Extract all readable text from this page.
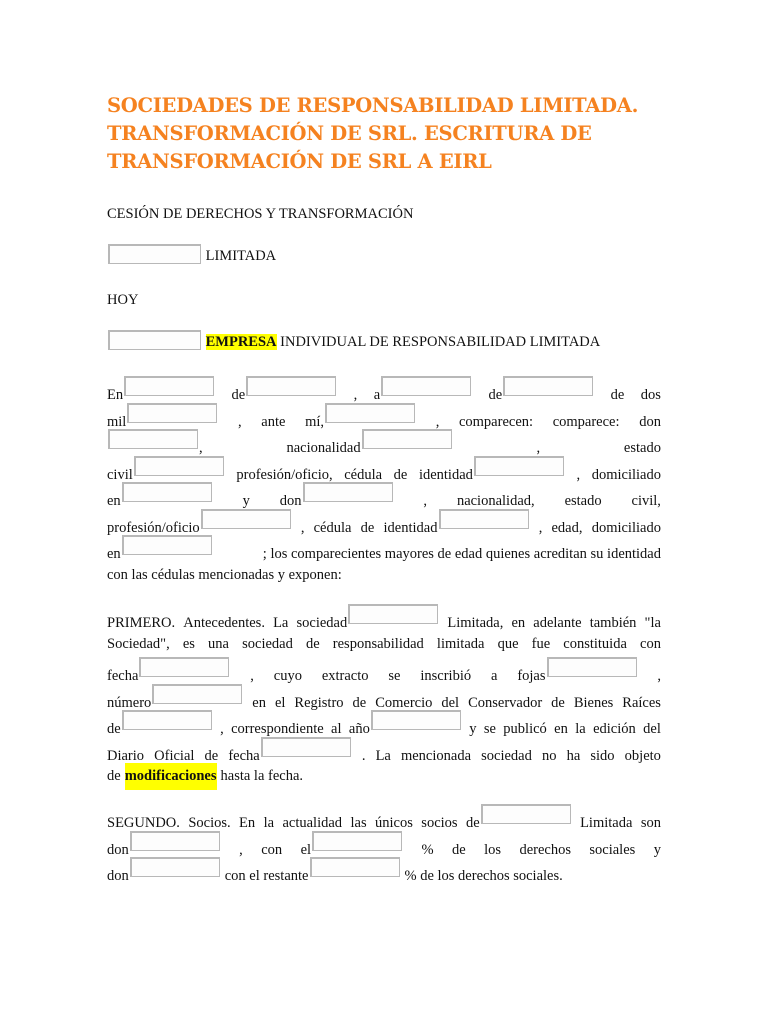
SOCIEDADES DE RESPONSABILIDAD LIMITADA.
TRANSFORMACIÓN DE SRL. ESCRITURA DE
TRANSFORMACIÓN DE SRL A EIRL
CESIÓN DE DERECHOS Y TRANSFORMACIÓN
LIMITADA
HOY
EMPRESA INDIVIDUAL DE RESPONSABILIDAD LIMITADA
En	de	, a	de	de dos
mil	, ante mí,	, comparecen: comparece: don
,	nacionalidad	,	estado
civil	profesión/oficio, cédula de identidad	, domiciliado
en	y don	, nacionalidad, estado civil,
profesión/oficio	, cédula de identidad	, edad, domiciliado
en	; los comparecientes mayores de edad quienes acreditan su identidad
con las cédulas mencionadas y exponen:
PRIMERO. Antecedentes. La sociedad	Limitada, en adelante también "la
Sociedad", es una sociedad de responsabilidad limitada que fue constituida con
fecha	, cuyo extracto se inscribió a fojas	,
número	en el Registro de Comercio del Conservador de Bienes Raíces
de	, correspondiente al año	y se publicó en la edición del
Diario Oficial de fecha	. La mencionada sociedad no ha sido objeto
de modificaciones hasta la fecha.
SEGUNDO. Socios. En la actualidad las únicos socios de	Limitada son
don	, con el	% de los derechos sociales y
don	con el restante	% de los derechos sociales.
